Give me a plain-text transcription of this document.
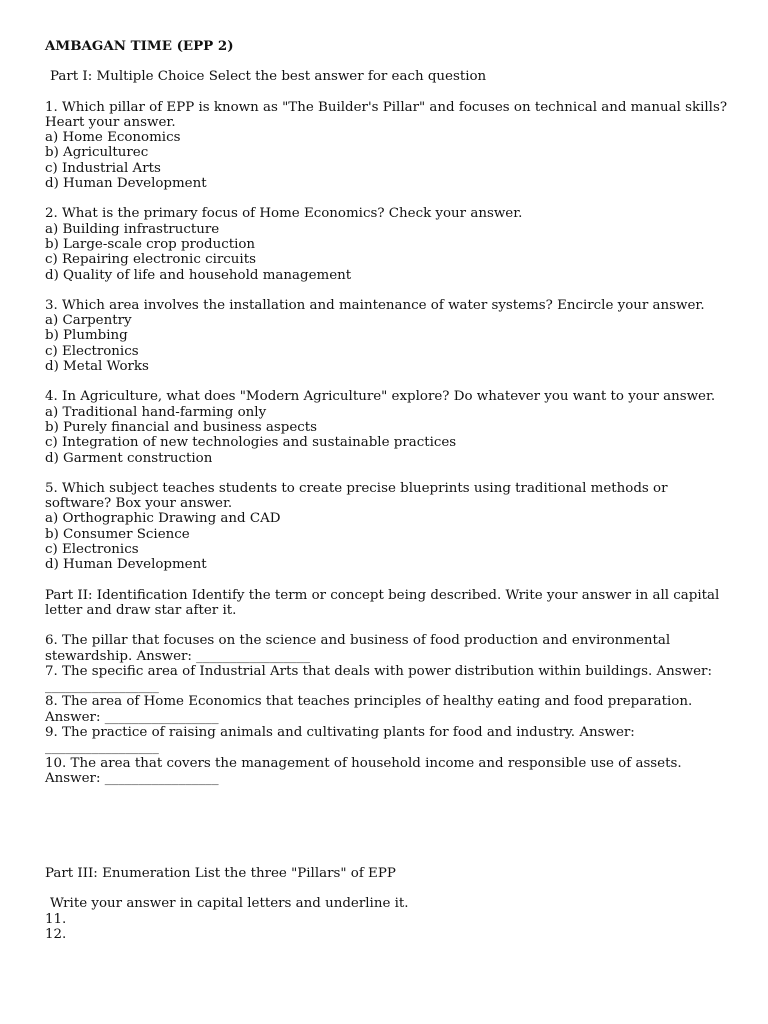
AMBAGAN TIME (EPP 2)
Part I: Multiple Choice Select the best answer for each question
1. Which pillar of EPP is known as "The Builder's Pillar" and focuses on technical and manual skills? Heart your answer.
a) Home Economics
b) Agriculturec
c) Industrial Arts
d) Human Development
2. What is the primary focus of Home Economics? Check your answer.
a) Building infrastructure
b) Large-scale crop production
c) Repairing electronic circuits
d) Quality of life and household management
3. Which area involves the installation and maintenance of water systems? Encircle your answer.
a) Carpentry
b) Plumbing
c) Electronics
d) Metal Works
4. In Agriculture, what does "Modern Agriculture" explore? Do whatever you want to your answer.
a) Traditional hand-farming only
b) Purely financial and business aspects
c) Integration of new technologies and sustainable practices
d) Garment construction
5. Which subject teaches students to create precise blueprints using traditional methods or software? Box your answer.
a) Orthographic Drawing and CAD
b) Consumer Science
c) Electronics
d) Human Development
Part II: Identification Identify the term or concept being described. Write your answer in all capital letter and draw star after it.
6. The pillar that focuses on the science and business of food production and environmental stewardship. Answer: _________________
7. The specific area of Industrial Arts that deals with power distribution within buildings. Answer: _________________
8. The area of Home Economics that teaches principles of healthy eating and food preparation. Answer: _________________
9. The practice of raising animals and cultivating plants for food and industry. Answer: _________________
10. The area that covers the management of household income and responsible use of assets. Answer: _________________
Part III: Enumeration List the three "Pillars" of EPP
Write your answer in capital letters and underline it.
11.
12.
